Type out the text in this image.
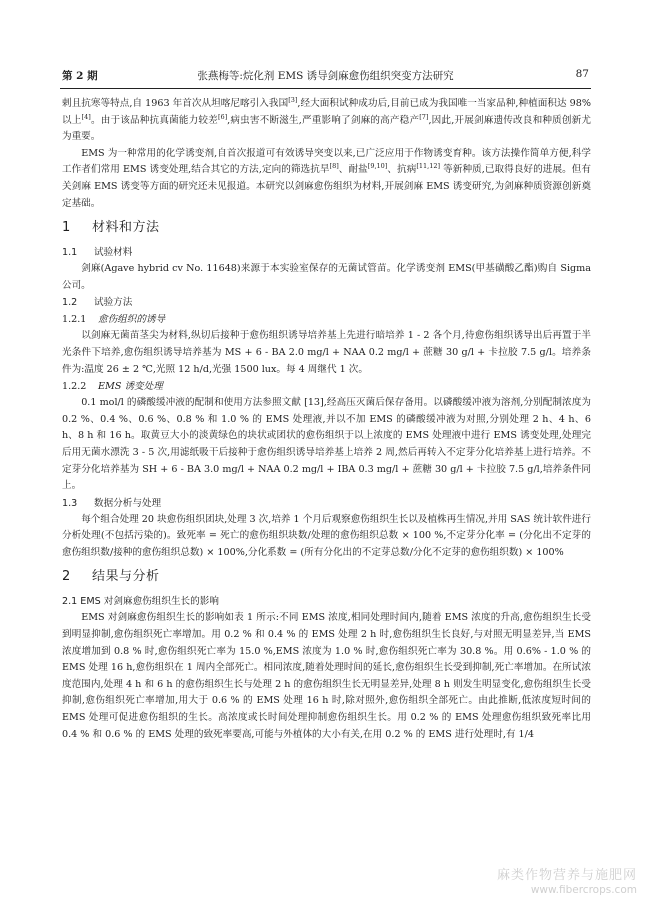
第 2 期	张燕梅等:烷化剂 EMS 诱导剑麻愈伤组织突变方法研究	87

剌且抗寒等特点,自 1963 年首次从坦喀尼喀引入我国[3],经大面积试种成功后,目前已成为我国唯一当家品种,种植面积达 98% 以上[4]。由于该品种抗真菌能力较差[6],病虫害不断滋生,严重影响了剑麻的高产稳产[7],因此,开展剑麻遗传改良和种质创新尤为重要。

EMS 为一种常用的化学诱变剂,自首次报道可有效诱导突变以来,已广泛应用于作物诱变育种。该方法操作简单方便,科学工作者们常用 EMS 诱变处理,结合其它的方法,定向的筛选抗旱[8]、耐盐[9,10]、抗病[11,12] 等新种质,已取得良好的进展。但有关剑麻 EMS 诱变等方面的研究还未见报道。本研究以剑麻愈伤组织为材料,开展剑麻 EMS 诱变研究,为剑麻种质资源创新奠定基础。

1 材料和方法
1.1 试验材料

剑麻(Agave hybrid cv No. 11648)来源于本实验室保存的无菌试管苗。化学诱变剂 EMS(甲基磺酸乙酯)购自 Sigma 公司。

1.2 试验方法
1.2.1 愈伤组织的诱导

以剑麻无菌苗茎尖为材料,纵切后接种于愈伤组织诱导培养基上先进行暗培养 1 - 2 各个月,待愈伤组织诱导出后再置于半光条件下培养,愈伤组织诱导培养基为 MS + 6 - BA 2.0 mg/l + NAA 0.2 mg/l + 蔗糖 30 g/l + 卡拉胶 7.5 g/l。培养条件为:温度 26 ± 2 ℃,光照 12 h/d,光强 1500 lux。每 4 周继代 1 次。

1.2.2 EMS 诱变处理

0.1 mol/l 的磷酸缓冲液的配制和使用方法参照文献 [13],经高压灭菌后保存备用。以磷酸缓冲液为溶剂,分别配制浓度为 0.2 %、0.4 %、0.6 %、0.8 % 和 1.0 % 的 EMS 处理液,并以不加 EMS 的磷酸缓冲液为对照,分别处理 2 h、4 h、6 h、8 h 和 16 h。取黄豆大小的淡黄绿色的块状或团状的愈伤组织于以上浓度的 EMS 处理液中进行 EMS 诱变处理,处理完后用无菌水漂洗 3 - 5 次,用滤纸吸干后接种于愈伤组织诱导培养基上培养 2 周,然后再转入不定芽分化培养基上进行培养。不定芽分化培养基为 SH + 6 - BA 3.0 mg/l + NAA 0.2 mg/l + IBA 0.3 mg/l + 蔗糖 30 g/l + 卡拉胶 7.5 g/l,培养条件同上。

1.3 数据分析与处理

每个组合处理 20 块愈伤组织团块,处理 3 次,培养 1 个月后观察愈伤组织生长以及植株再生情况,并用 SAS 统计软件进行分析处理(不包括污染的)。致死率 = 死亡的愈伤组织块数/处理的愈伤组织总数 × 100 %,不定芽分化率 = (分化出不定芽的愈伤组织数/接种的愈伤组织总数) × 100%,分化系数 = (所有分化出的不定芽总数/分化不定芽的愈伤组织数) × 100%

2 结果与分析
2.1 EMS 对剑麻愈伤组织生长的影响

EMS 对剑麻愈伤组织生长的影响如表 1 所示:不同 EMS 浓度,相同处理时间内,随着 EMS 浓度的升高,愈伤组织生长受到明显抑制,愈伤组织死亡率增加。用 0.2 % 和 0.4 % 的 EMS 处理 2 h 时,愈伤组织生长良好,与对照无明显差异,当 EMS 浓度增加到 0.8 % 时,愈伤组织死亡率为 15.0 %,EMS 浓度为 1.0 % 时,愈伤组织死亡率为 30.8 %。用 0.6% - 1.0 % 的 EMS 处理 16 h,愈伤组织在 1 周内全部死亡。相同浓度,随着处理时间的延长,愈伤组织生长受到抑制,死亡率增加。在所试浓度范围内,处理 4 h 和 6 h 的愈伤组织生长与处理 2 h 的愈伤组织生长无明显差异,处理 8 h 则发生明显变化,愈伤组织生长受抑制,愈伤组织死亡率增加,用大于 0.6 % 的 EMS 处理 16 h 时,除对照外,愈伤组织全部死亡。由此推断,低浓度短时间的 EMS 处理可促进愈伤组织的生长。高浓度或长时间处理抑制愈伤组织生长。用 0.2 % 的 EMS 处理愈伤组织致死率比用 0.4 % 和 0.6 % 的 EMS 处理的致死率要高,可能与外植体的大小有关,在用 0.2 % 的 EMS 进行处理时,有 1/4

麻类作物营养与施肥网
www.fibercrops.com
